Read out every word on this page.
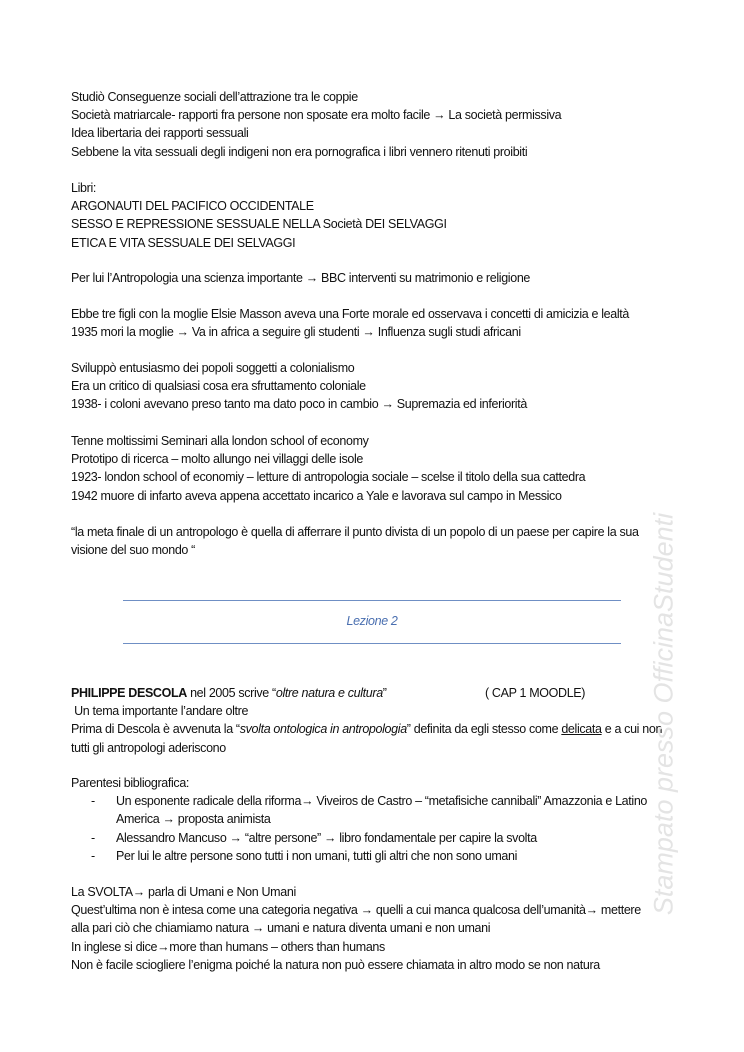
Studiò Conseguenze sociali dell’attrazione tra le coppie
Società matriarcale- rapporti fra persone non sposate era molto facile → La società permissiva
Idea libertaria dei rapporti sessuali
Sebbene la vita sessuali degli indigeni non era pornografica i libri vennero ritenuti proibiti
Libri:
ARGONAUTI DEL PACIFICO OCCIDENTALE
SESSO E REPRESSIONE SESSUALE NELLA Società DEI SELVAGGI
ETICA E VITA SESSUALE DEI SELVAGGI
Per lui l’Antropologia una scienza importante → BBC interventi su matrimonio e religione
Ebbe tre figli con la moglie Elsie Masson aveva una Forte morale ed osservava i concetti di amicizia e lealtà
1935 mori la moglie → Va in africa a seguire gli studenti → Influenza sugli studi africani
Sviluppò entusiasmo dei popoli soggetti a colonialismo
Era un critico di qualsiasi cosa era sfruttamento coloniale
1938- i coloni avevano preso tanto ma dato poco in cambio → Supremazia ed inferiorità
Tenne moltissimi Seminari alla london school of economy
Prototipo di ricerca – molto allungo nei villaggi delle isole
1923- london school of economiy – letture di antropologia sociale – scelse il titolo della sua cattedra
1942 muore di infarto aveva appena accettato incarico a Yale e lavorava sul campo in Messico
“la meta finale di un antropologo è quella di afferrare il punto divista di un popolo di un paese per capire la sua visione del suo mondo “
Lezione 2
PHILIPPE DESCOLA nel 2005 scrive “oltre natura e cultura”	( CAP 1 MOODLE)
Un tema importante l’andare oltre
Prima di Descola è avvenuta la “svolta ontologica in antropologia” definita da egli stesso come delicata e a cui non tutti gli antropologi aderiscono
Parentesi bibliografica:
- Un esponente radicale della riforma→ Viveiros de Castro – “metafisiche cannibali” Amazzonia e Latino America → proposta animista
- Alessandro Mancuso → “altre persone” → libro fondamentale per capire la svolta
- Per lui le altre persone sono tutti i non umani, tutti gli altri che non sono umani
La SVOLTA→ parla di Umani e Non Umani
Quest’ultima non è intesa come una categoria negativa → quelli a cui manca qualcosa dell’umanità→ mettere alla pari ciò che chiamiamo natura → umani e natura diventa umani e non umani
In inglese si dice→more than humans – others than humans
Non è facile sciogliere l’enigma poiché la natura non può essere chiamata in altro modo se non natura
Stampato presso OfficinaStudenti
